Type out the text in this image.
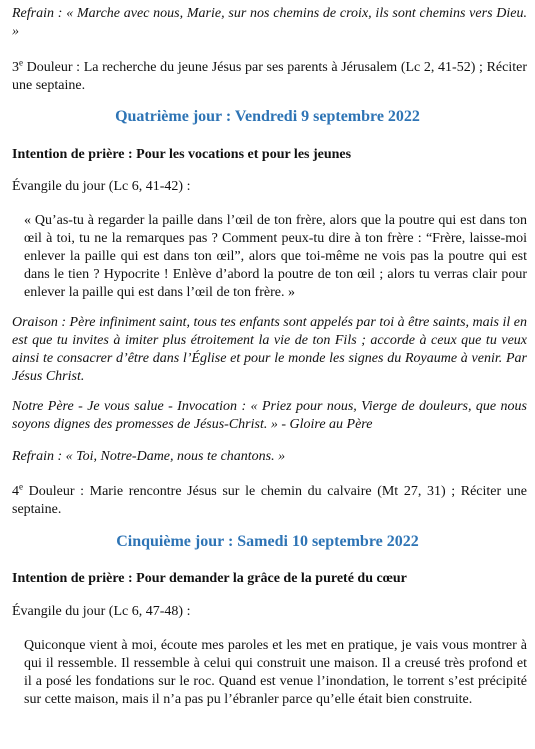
Refrain : « Marche avec nous, Marie, sur nos chemins de croix, ils sont chemins vers Dieu. »
3e Douleur : La recherche du jeune Jésus par ses parents à Jérusalem (Lc 2, 41-52) ; Réciter une septaine.
Quatrième jour : Vendredi 9 septembre 2022
Intention de prière : Pour les vocations et pour les jeunes
Évangile du jour (Lc 6, 41-42) :
« Qu’as-tu à regarder la paille dans l’œil de ton frère, alors que la poutre qui est dans ton œil à toi, tu ne la remarques pas ? Comment peux-tu dire à ton frère : “Frère, laisse-moi enlever la paille qui est dans ton œil”, alors que toi-même ne vois pas la poutre qui est dans le tien ? Hypocrite ! Enlève d’abord la poutre de ton œil ; alors tu verras clair pour enlever la paille qui est dans l’œil de ton frère. »
Oraison : Père infiniment saint, tous tes enfants sont appelés par toi à être saints, mais il en est que tu invites à imiter plus étroitement la vie de ton Fils ; accorde à ceux que tu veux ainsi te consacrer d’être dans l’Église et pour le monde les signes du Royaume à venir. Par Jésus Christ.
Notre Père - Je vous salue - Invocation : « Priez pour nous, Vierge de douleurs, que nous soyons dignes des promesses de Jésus-Christ. » - Gloire au Père
Refrain : « Toi, Notre-Dame, nous te chantons. »
4e Douleur : Marie rencontre Jésus sur le chemin du calvaire (Mt 27, 31) ; Réciter une septaine.
Cinquième jour : Samedi 10 septembre 2022
Intention de prière : Pour demander la grâce de la pureté du cœur
Évangile du jour (Lc 6, 47-48) :
Quiconque vient à moi, écoute mes paroles et les met en pratique, je vais vous montrer à qui il ressemble. Il ressemble à celui qui construit une maison. Il a creusé très profond et il a posé les fondations sur le roc. Quand est venue l’inondation, le torrent s’est précipité sur cette maison, mais il n’a pas pu l’ébranler parce qu’elle était bien construite.
